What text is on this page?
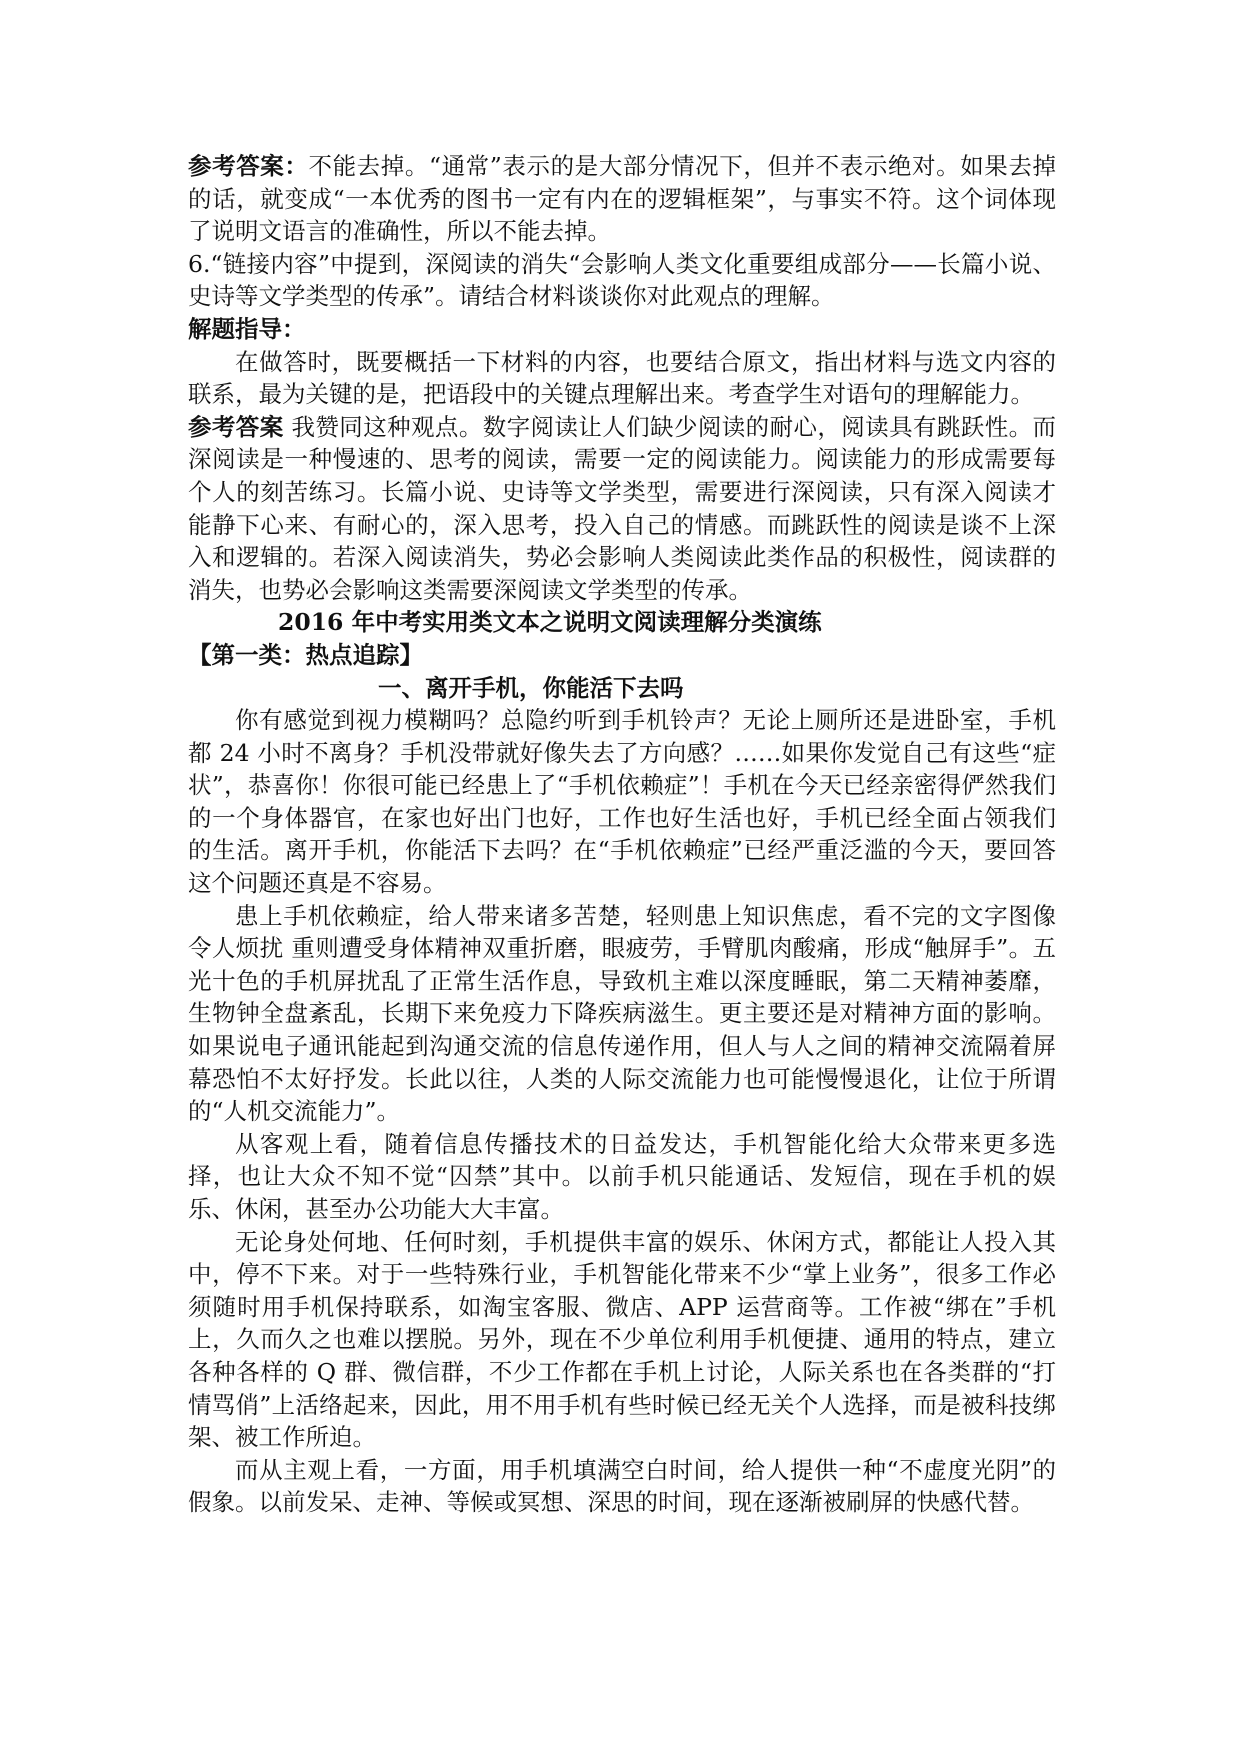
参考答案：不能去掉。“通常”表示的是大部分情况下，但并不表示绝对。如果去掉的话，就变成“一本优秀的图书一定有内在的逻辑框架”，与事实不符。这个词体现了说明文语言的准确性，所以不能去掉。

6.“链接内容”中提到，深阅读的消失“会影响人类文化重要组成部分——长篇小说、史诗等文学类型的传承”。请结合材料谈谈你对此观点的理解。

解题指导：

在做答时，既要概括一下材料的内容，也要结合原文，指出材料与选文内容的联系，最为关键的是，把语段中的关键点理解出来。考查学生对语句的理解能力。

参考答案 我赞同这种观点。数字阅读让人们缺少阅读的耐心，阅读具有跳跃性。而深阅读是一种慢速的、思考的阅读，需要一定的阅读能力。阅读能力的形成需要每个人的刻苦练习。长篇小说、史诗等文学类型，需要进行深阅读，只有深入阅读才能静下心来、有耐心的，深入思考，投入自己的情感。而跳跃性的阅读是谈不上深入和逻辑的。若深入阅读消失，势必会影响人类阅读此类作品的积极性，阅读群的消失，也势必会影响这类需要深阅读文学类型的传承。

2016 年中考实用类文本之说明文阅读理解分类演练

【第一类：热点追踪】

一、离开手机，你能活下去吗

你有感觉到视力模糊吗？总隐约听到手机铃声？无论上厕所还是进卧室，手机都 24 小时不离身？手机没带就好像失去了方向感？……如果你发觉自己有这些“症状”，恭喜你！你很可能已经患上了“手机依赖症”！手机在今天已经亲密得俨然我们的一个身体器官，在家也好出门也好，工作也好生活也好，手机已经全面占领我们的生活。离开手机，你能活下去吗？在“手机依赖症”已经严重泛滥的今天，要回答这个问题还真是不容易。

患上手机依赖症，给人带来诸多苦楚，轻则患上知识焦虑，看不完的文字图像令人烦扰 重则遭受身体精神双重折磨，眼疲劳，手臂肌肉酸痛，形成“触屏手”。五光十色的手机屏扰乱了正常生活作息，导致机主难以深度睡眠，第二天精神萎靡，生物钟全盘紊乱，长期下来免疫力下降疾病滋生。更主要还是对精神方面的影响。如果说电子通讯能起到沟通交流的信息传递作用，但人与人之间的精神交流隔着屏幕恐怕不太好抒发。长此以往，人类的人际交流能力也可能慢慢退化，让位于所谓的“人机交流能力”。

从客观上看，随着信息传播技术的日益发达，手机智能化给大众带来更多选择，也让大众不知不觉“囚禁”其中。以前手机只能通话、发短信，现在手机的娱乐、休闲，甚至办公功能大大丰富。

无论身处何地、任何时刻，手机提供丰富的娱乐、休闲方式，都能让人投入其中，停不下来。对于一些特殊行业，手机智能化带来不少“掌上业务”，很多工作必须随时用手机保持联系，如淘宝客服、微店、APP 运营商等。工作被“绑在”手机上，久而久之也难以摆脱。另外，现在不少单位利用手机便捷、通用的特点，建立各种各样的 Q 群、微信群，不少工作都在手机上讨论，人际关系也在各类群的“打情骂俏”上活络起来，因此，用不用手机有些时候已经无关个人选择，而是被科技绑架、被工作所迫。

而从主观上看，一方面，用手机填满空白时间，给人提供一种“不虚度光阴”的假象。以前发呆、走神、等候或冥想、深思的时间，现在逐渐被刷屏的快感代替。
